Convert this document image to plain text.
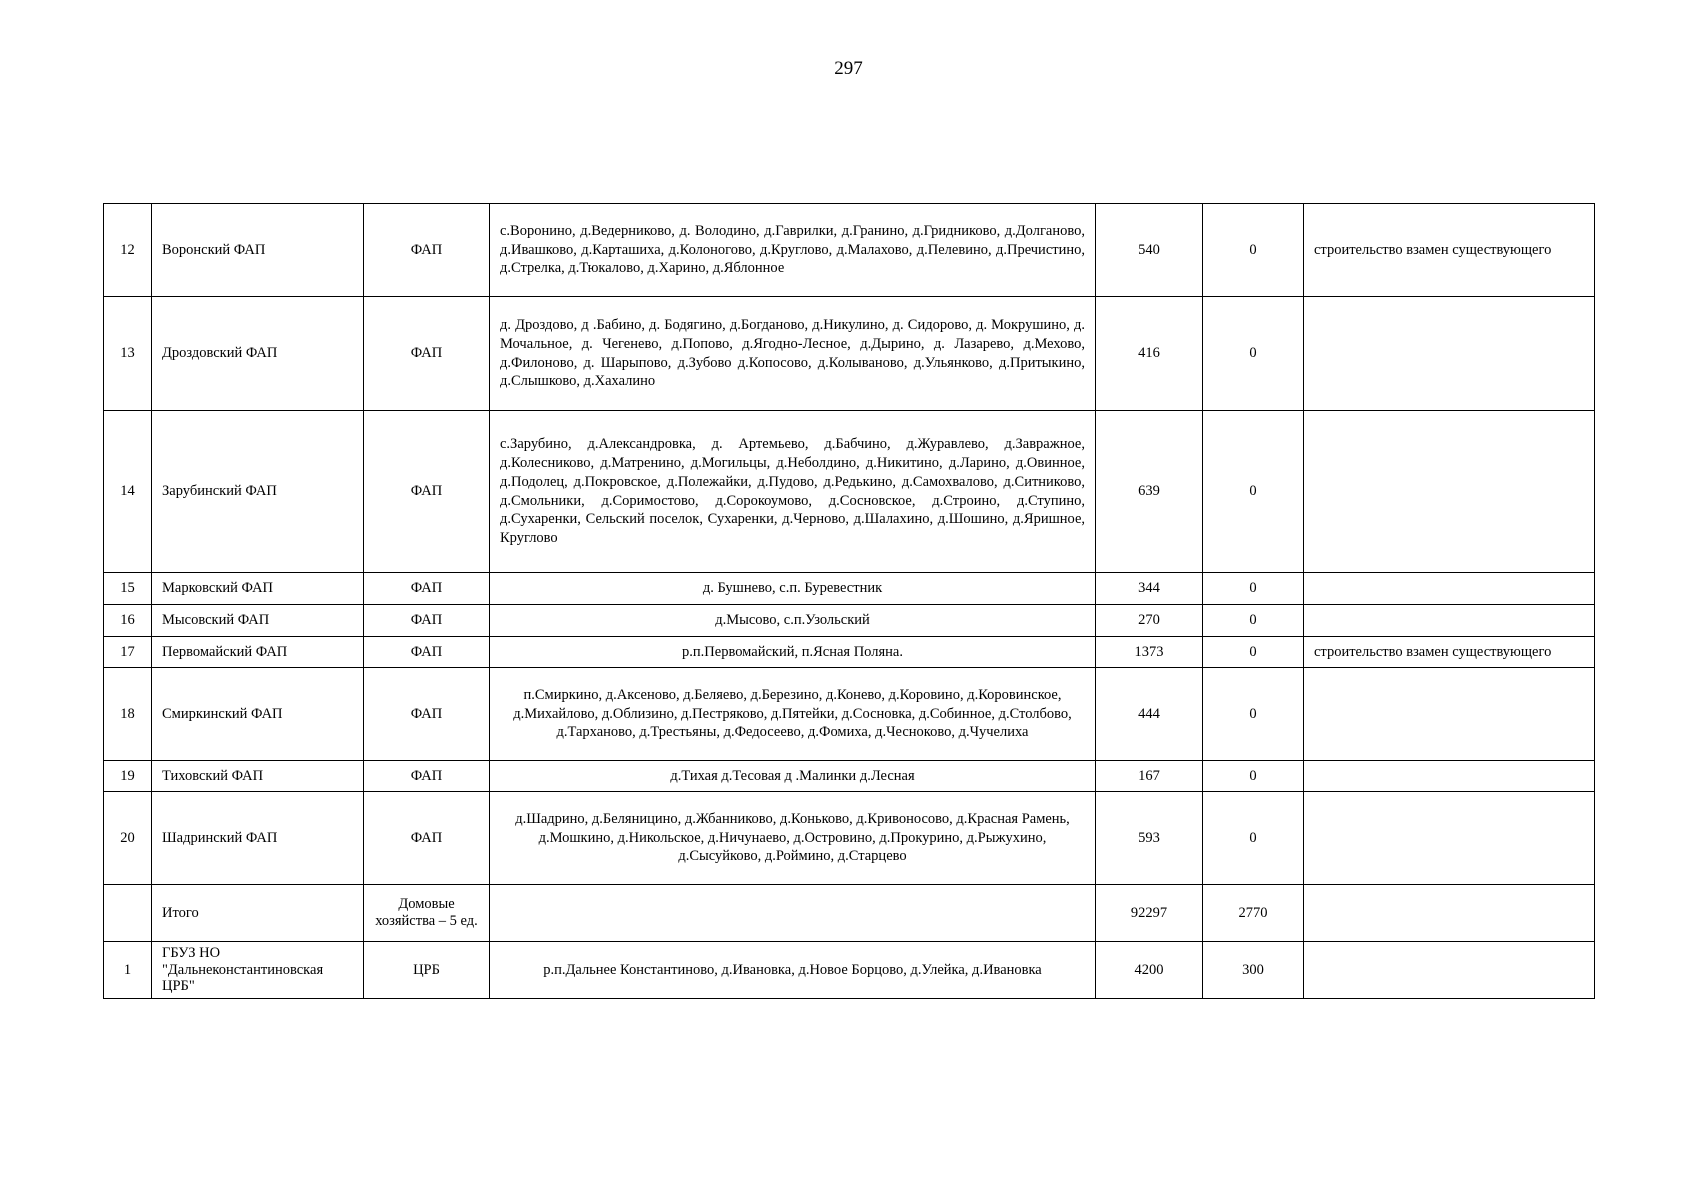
297
12	Воронский ФАП	ФАП	с.Воронино, д.Ведерниково, д. Володино, д.Гаврилки, д.Гранино, д.Гридниково, д.Долганово, д.Ивашково, д.Карташиха, д.Колоногово, д.Круглово, д.Малахово, д.Пелевино, д.Пречистино, д.Стрелка, д.Тюкалово, д.Харино, д.Яблонное	540	0	строительство взамен существующего
13	Дроздовский ФАП	ФАП	д. Дроздово, д .Бабино, д. Бодягино, д.Богданово, д.Никулино, д. Сидорово, д. Мокрушино, д. Мочальное, д. Чегенево, д.Попово, д.Ягодно-Лесное, д.Дырино, д. Лазарево, д.Мехово, д.Филоново, д. Шарыпово, д.Зубово д.Копосово, д.Колываново, д.Ульянково, д.Притыкино, д.Слышково, д.Хахалино	416	0	
14	Зарубинский ФАП	ФАП	с.Зарубино, д.Александровка, д. Артемьево, д.Бабчино, д.Журавлево, д.Завражное, д.Колесниково, д.Матренино, д.Могильцы, д.Неболдино, д.Никитино, д.Ларино, д.Овинное, д.Подолец, д.Покровское, д.Полежайки, д.Пудово, д.Редькино, д.Самохвалово, д.Ситниково, д.Смольники, д.Соримостово, д.Сорокоумово, д.Сосновское, д.Строино, д.Ступино, д.Сухаренки, Сельский поселок, Сухаренки, д.Черново, д.Шалахино, д.Шошино, д.Яришное, Круглово	639	0	
15	Марковский ФАП	ФАП	д. Бушнево, с.п. Буревестник	344	0	
16	Мысовский ФАП	ФАП	д.Мысово, с.п.Узольский	270	0	
17	Первомайский ФАП	ФАП	р.п.Первомайский, п.Ясная Поляна.	1373	0	строительство взамен существующего
18	Смиркинский ФАП	ФАП	п.Смиркино, д.Аксеново, д.Беляево, д.Березино, д.Конево, д.Коровино, д.Коровинское, д.Михайлово, д.Облизино, д.Пестряково, д.Пятейки, д.Сосновка, д.Собинное, д.Столбово, д.Тарханово, д.Трестьяны, д.Федосеево, д.Фомиха, д.Чесноково, д.Чучелиха	444	0	
19	Тиховский ФАП	ФАП	д.Тихая д.Тесовая д .Малинки д.Лесная	167	0	
20	Шадринский ФАП	ФАП	д.Шадрино, д.Беляницино, д.Жбанниково, д.Коньково, д.Кривоносово, д.Красная Рамень, д.Мошкино, д.Никольское, д.Ничунаево, д.Островино, д.Прокурино, д.Рыжухино, д.Сысуйково, д.Роймино, д.Старцево	593	0	
	Итого	Домовые хозяйства – 5 ед.		92297	2770	
1	ГБУЗ НО "Дальнеконстантиновская ЦРБ"	ЦРБ	р.п.Дальнее Константиново, д.Ивановка, д.Новое Борцово, д.Улейка, д.Ивановка	4200	300	
